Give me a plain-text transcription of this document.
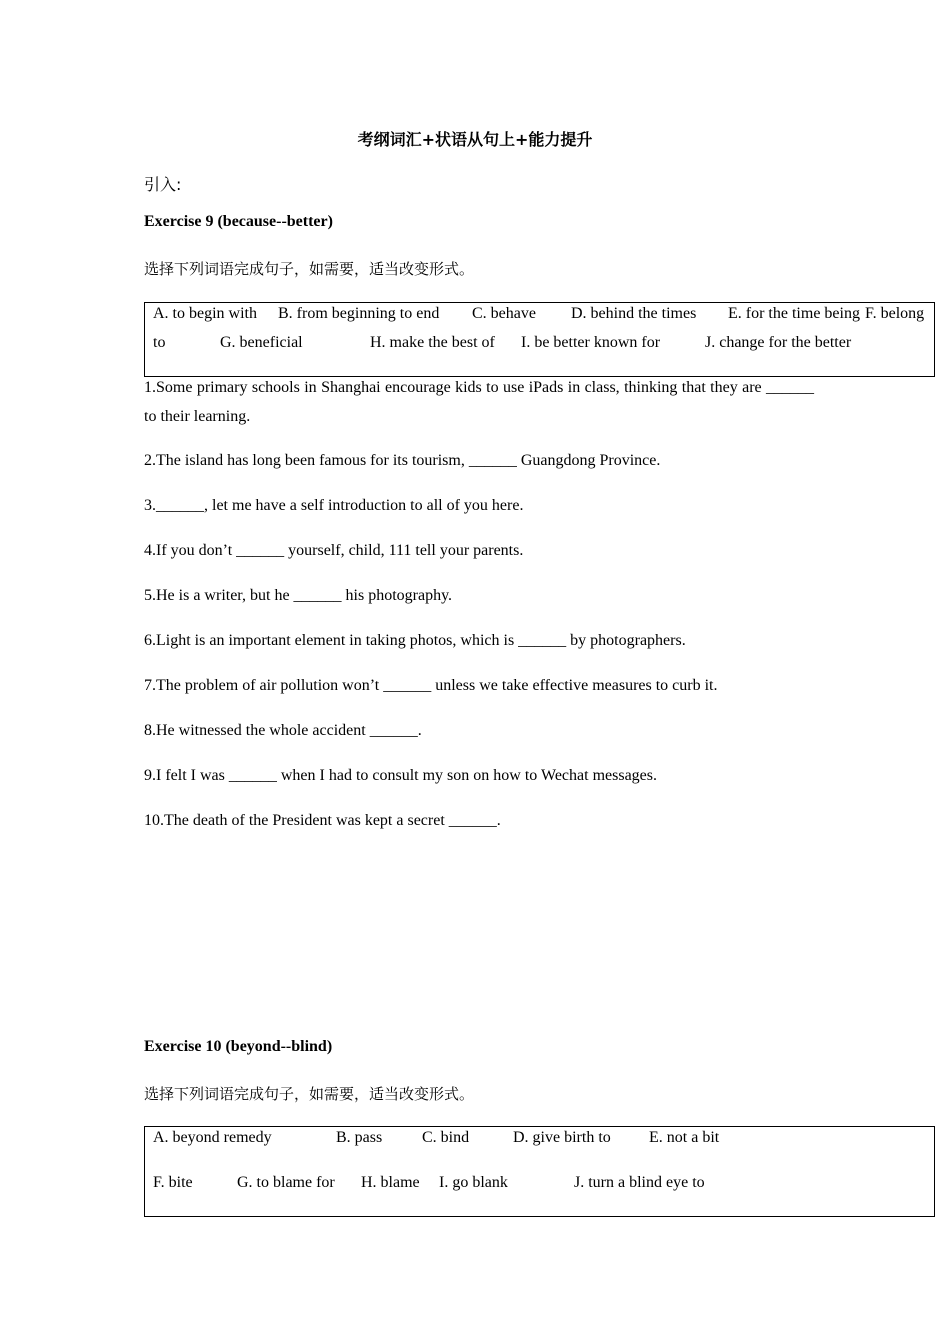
考纲词汇+状语从句上+能力提升
引入:
Exercise 9 (because--better)
选择下列词语完成句子，如需要，适当改变形式。
A. to begin with B. from beginning to end C. behave D. behind the times E. for the time being F. belong
to	G. beneficial	H. make the best of I. be better known for	J. change for the better
1.Some primary schools in Shanghai encourage kids to use iPads in class, thinking that they are ______ to their learning.
2.The island has long been famous for its tourism, ______ Guangdong Province.
3.______, let me have a self introduction to all of you here.
4.If you don’t ______ yourself, child, 111 tell your parents.
5.He is a writer, but he ______ his photography.
6.Light is an important element in taking photos, which is ______ by photographers.
7.The problem of air pollution won’t ______ unless we take effective measures to curb it.
8.He witnessed the whole accident ______.
9.I felt I was ______ when I had to consult my son on how to Wechat messages.
10.The death of the President was kept a secret ______.
Exercise 10 (beyond--blind)
选择下列词语完成句子，如需要，适当改变形式。
A. beyond remedy	B. pass C. bind	D. give birth to E. not a bit
F. bite	G. to blame for H. blame I. go blank	J. turn a blind eye to
